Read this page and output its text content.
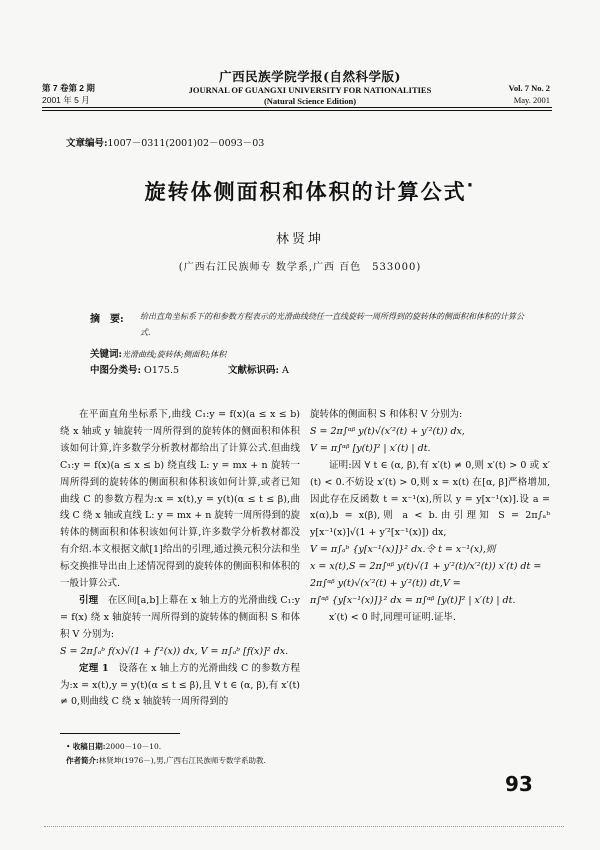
第 7 卷第 2 期
2001 年 5 月
广西民族学院学报(自然科学版)
JOURNAL OF GUANGXI UNIVERSITY FOR NATIONALITIES
(Natural Science Edition)
Vol. 7 No. 2
May. 2001
文章编号:1007－0311(2001)02－0093－03
旋转体侧面积和体积的计算公式·
林贤坤
(广西右江民族师专 数学系,广西 百色　533000)
摘　要: 给出直角坐标系下的和参数方程表示的光滑曲线绕任一直线旋转一周所得到的旋转体的侧面积和体积的计算公式.
关键词:光滑曲线;旋转体;侧面积;体积
中图分类号: O175.5	文献标识码: A

在平面直角坐标系下,曲线 C₁:y = f(x)(a ≤ x ≤ b) 绕 x 轴或 y 轴旋转一周所得到的旋转体的侧面积和体积该如何计算,许多数学分析教材都给出了计算公式.但曲线 C₁:y = f(x)(a ≤ x ≤ b) 绕直线 L: y = mx + n 旋转一周所得到的旋转体的侧面积和体积该如何计算,或者已知曲线 C 的参数方程为:x = x(t),y = y(t)(α ≤ t ≤ β),曲线 C 绕 x 轴或直线 L: y = mx + n 旋转一周所得到的旋转体的侧面积和体积该如何计算,许多数学分析教材都没有介绍.本文根据文献[1]给出的引理,通过换元积分法和坐标交换推导出由上述情况得到的旋转体的侧面积和体积的一般计算公式.

引理　 在区间[a,b]上幕在 x 轴上方的光滑曲线 C₁:y = f(x) 绕 x 轴旋转一周所得到的旋转体的侧面积 S 和体积 V 分别为:

S = 2π∫ₐᵇ f(x)√(1 + f′²(x)) dx, V = π∫ₐᵇ [f(x)]² dx.

定理 1　 设落在 x 轴上方的光滑曲线 C 的参数方程为:x = x(t),y = y(t)(α ≤ t ≤ β),且 ∀ t ∈ (α, β),有 x′(t) ≠ 0,则曲线 C 绕 x 轴旋转一周所得到的

旋转体的侧面积 S 和体积 V 分别为:

S = 2π∫ᵅᵝ y(t)√(x′²(t) + y′²(t)) dx,

V = π∫ᵅᵝ [y(t)]² | x′(t) | dt.

证明:因 ∀ t ∈ (α, β),有 x′(t) ≠ 0,则 x′(t) > 0 或 x′(t) < 0.不妨设 x′(t) > 0,则 x = x(t) 在[α, β]严格增加,因此存在反函数 t = x⁻¹(x),所以 y = y[x⁻¹(x)].设 a = x(α),b = x(β),则 a < b.由引理知 S = 2π∫ₐᵇ y[x⁻¹(x)]√(1 + y′²[x⁻¹(x)]) dx,

V = π∫ₐᵇ {y[x⁻¹(x)]}² dx.令 t = x⁻¹(x),则

x = x(t),S = 2π∫ᵅᵝ y(t)√(1 + y′²(t)/x′²(t)) x′(t) dt =

2π∫ᵅᵝ y(t)√(x′²(t) + y′²(t)) dt,V =

π∫ᵅᵝ {y[x⁻¹(x)]}² dx = π∫ᵅᵝ [y(t)]² | x′(t) | dt.

x′(t) < 0 时,同理可证明.证毕.

• 收稿日期:2000－10－10.
作者简介:林贤坤(1976－),男,广西右江民族师专数学系助教.
93
